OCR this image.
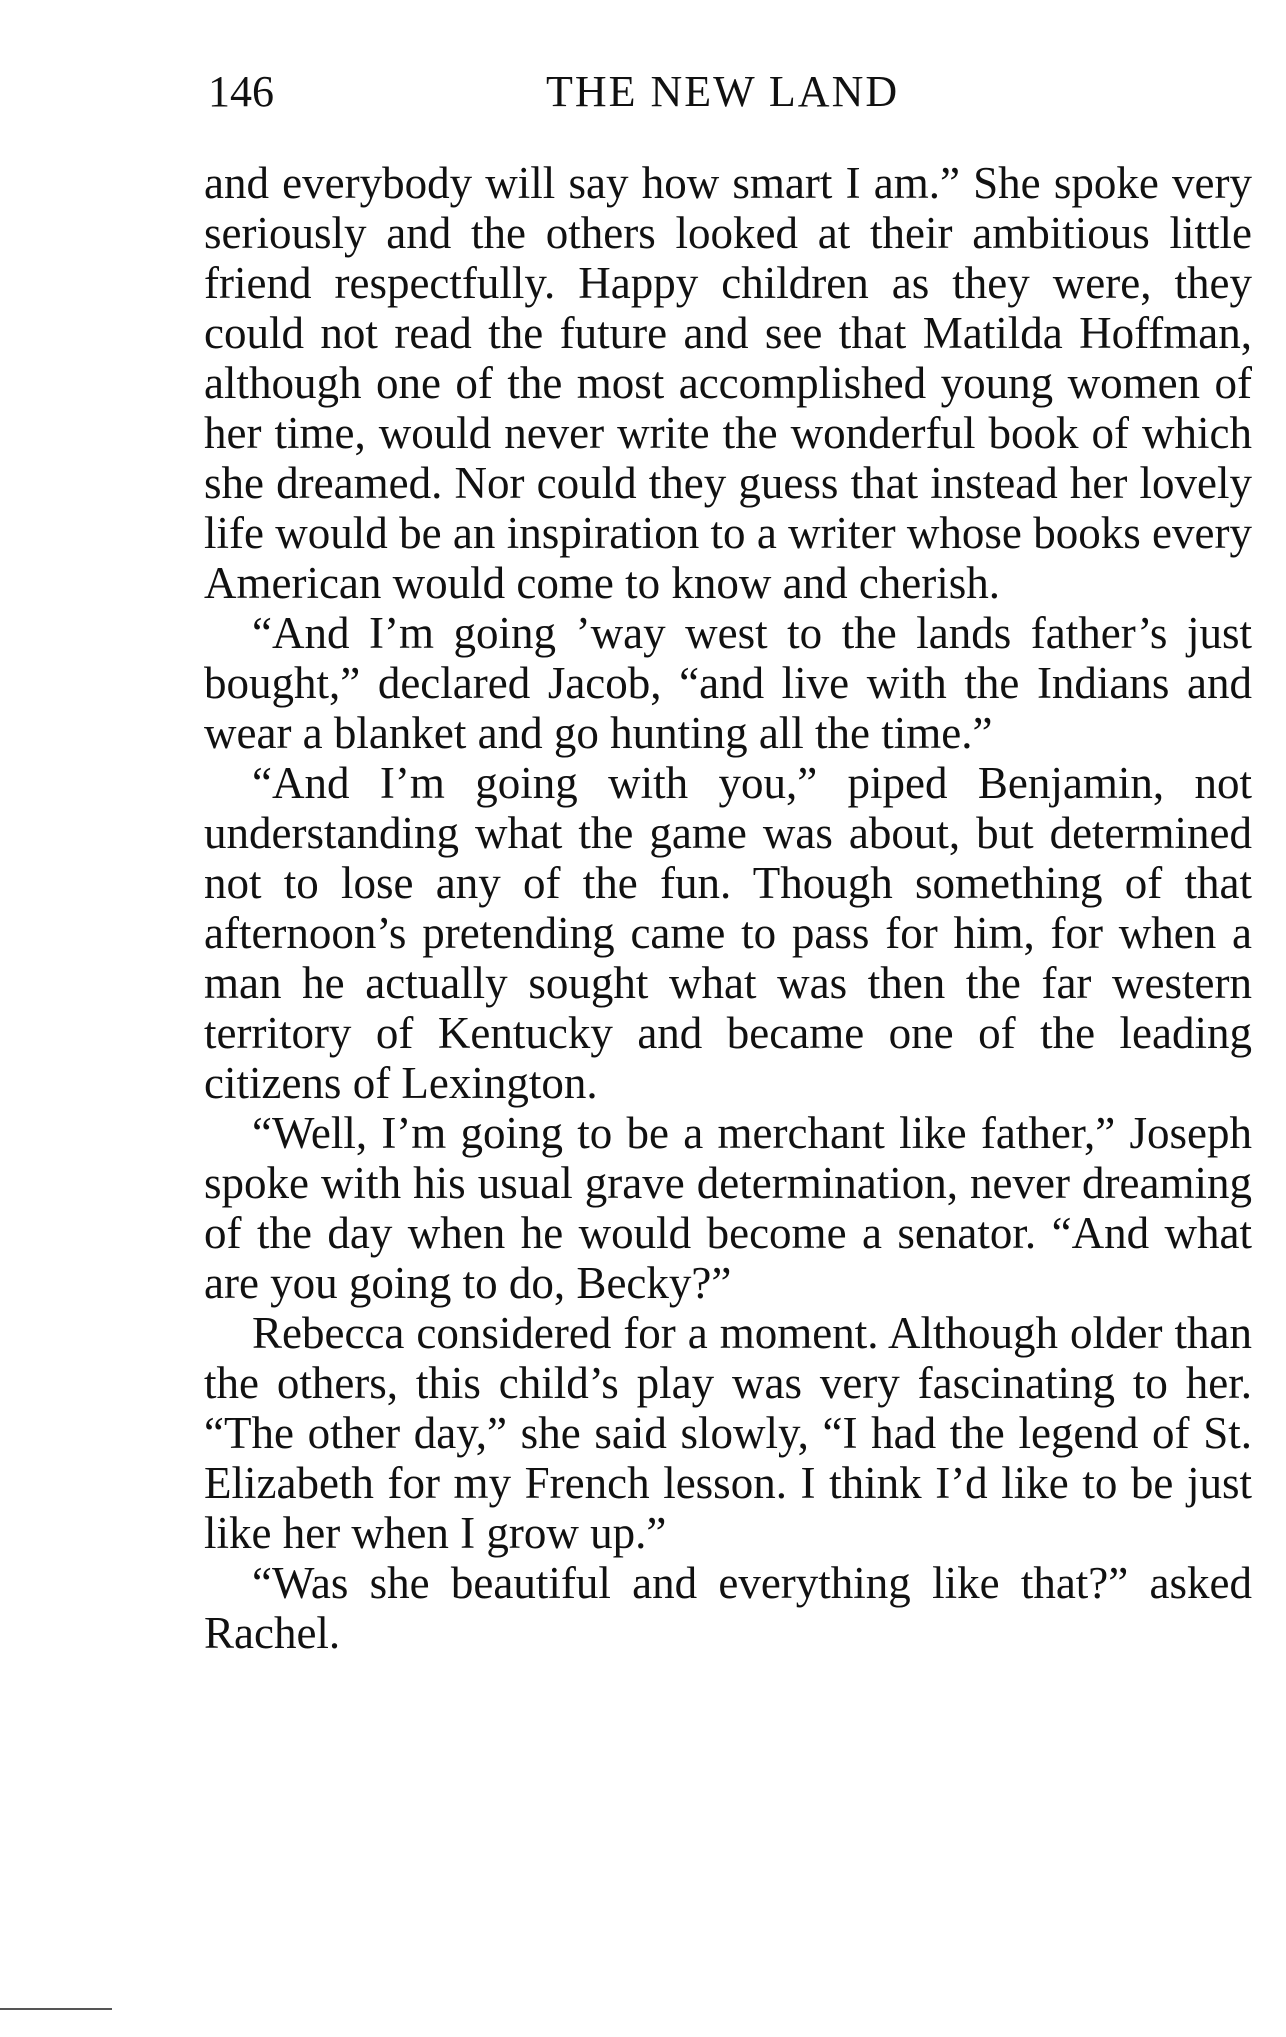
146	THE NEW LAND

and everybody will say how smart I am.” She spoke very seriously and the others looked at their ambitious little friend respectfully. Happy children as they were, they could not read the future and see that Matilda Hoffman, although one of the most accomplished young women of her time, would never write the wonderful book of which she dreamed. Nor could they guess that instead her lovely life would be an inspiration to a writer whose books every American would come to know and cherish.

“And I’m going ’way west to the lands father’s just bought,” declared Jacob, “and live with the Indians and wear a blanket and go hunting all the time.”

“And I’m going with you,” piped Benjamin, not understanding what the game was about, but determined not to lose any of the fun. Though something of that afternoon’s pretending came to pass for him, for when a man he actually sought what was then the far western territory of Kentucky and became one of the leading citizens of Lexington.

“Well, I’m going to be a merchant like father,” Joseph spoke with his usual grave determination, never dreaming of the day when he would become a senator. “And what are you going to do, Becky?”

Rebecca considered for a moment. Although older than the others, this child’s play was very fascinating to her. “The other day,” she said slowly, “I had the legend of St. Elizabeth for my French lesson. I think I’d like to be just like her when I grow up.”

“Was she beautiful and everything like that?” asked Rachel.
